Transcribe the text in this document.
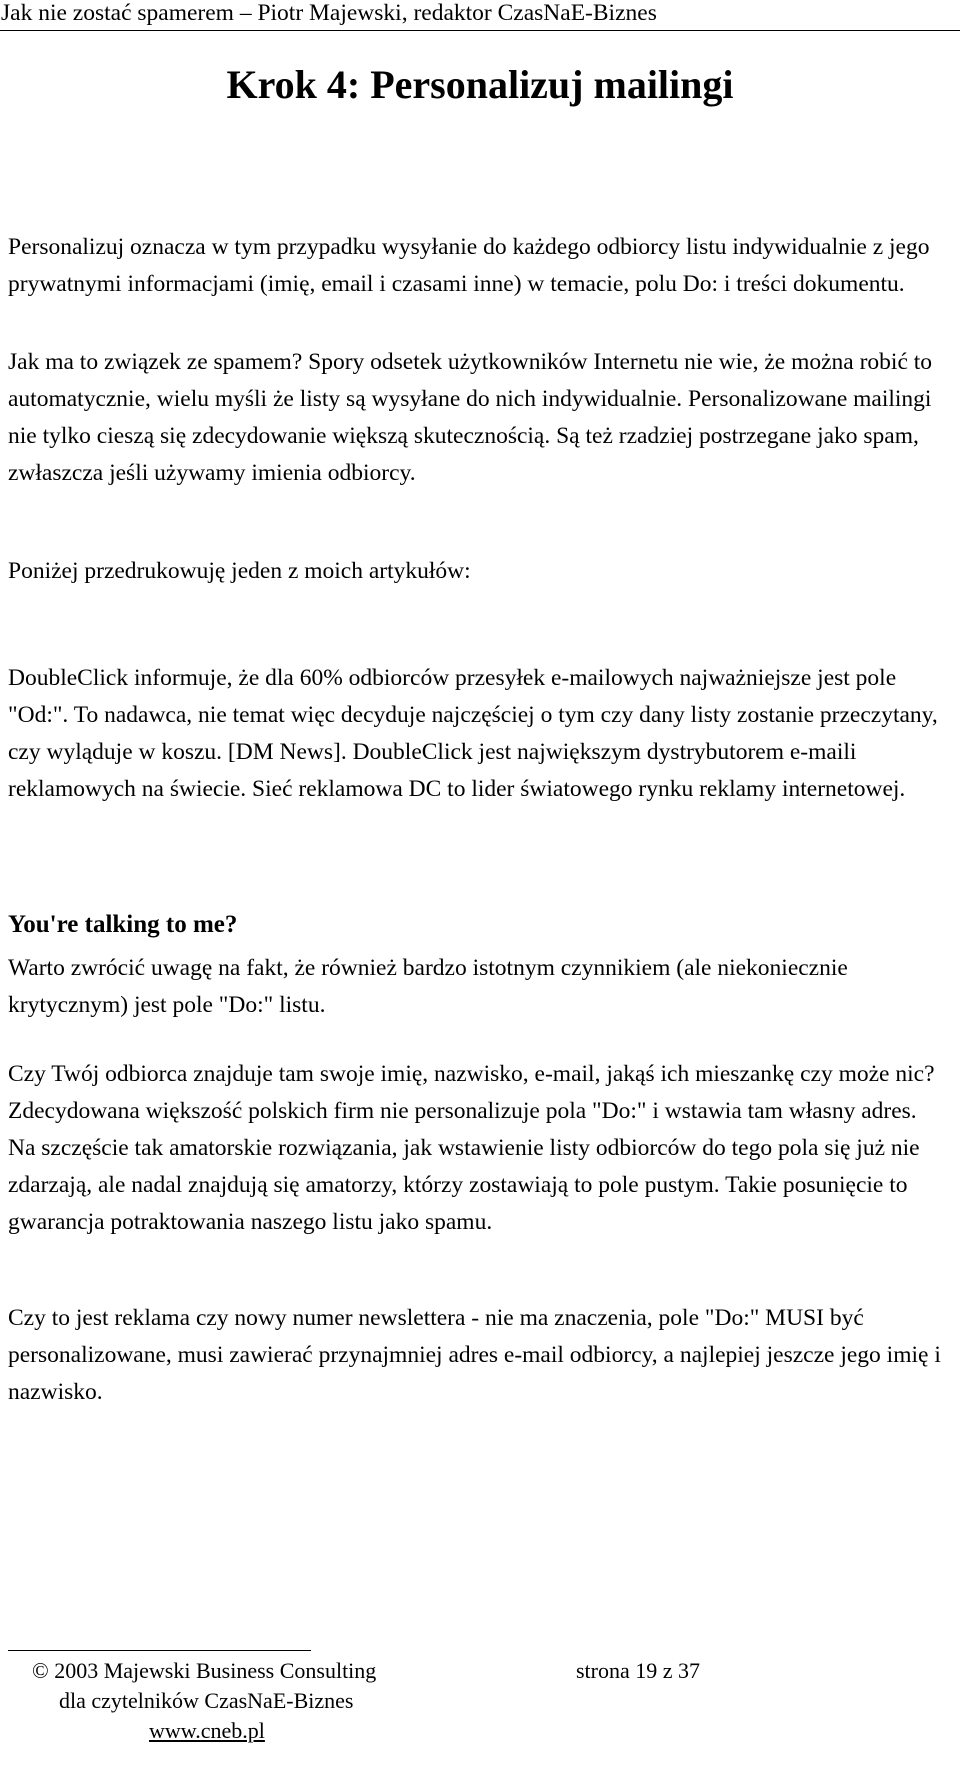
Jak nie zostać spamerem – Piotr Majewski, redaktor CzasNaE-Biznes
Krok 4: Personalizuj mailingi

Personalizuj oznacza w tym przypadku wysyłanie do każdego odbiorcy listu indywidualnie z jego prywatnymi informacjami (imię, email i czasami inne) w temacie, polu Do: i treści dokumentu.

Jak ma to związek ze spamem? Spory odsetek użytkowników Internetu nie wie, że można robić to automatycznie, wielu myśli że listy są wysyłane do nich indywidualnie. Personalizowane mailingi nie tylko cieszą się zdecydowanie większą skutecznością. Są też rzadziej postrzegane jako spam, zwłaszcza jeśli używamy imienia odbiorcy.

Poniżej przedrukowuję jeden z moich artykułów:

DoubleClick informuje, że dla 60% odbiorców przesyłek e-mailowych najważniejsze jest pole "Od:". To nadawca, nie temat więc decyduje najczęściej o tym czy dany listy zostanie przeczytany, czy wyląduje w koszu. [DM News]. DoubleClick jest największym dystrybutorem e-maili reklamowych na świecie. Sieć reklamowa DC to lider światowego rynku reklamy internetowej.

You're talking to me?

Warto zwrócić uwagę na fakt, że również bardzo istotnym czynnikiem (ale niekoniecznie krytycznym) jest pole "Do:" listu.

Czy Twój odbiorca znajduje tam swoje imię, nazwisko, e-mail, jakąś ich mieszankę czy może nic? Zdecydowana większość polskich firm nie personalizuje pola "Do:" i wstawia tam własny adres. Na szczęście tak amatorskie rozwiązania, jak wstawienie listy odbiorców do tego pola się już nie zdarzają, ale nadal znajdują się amatorzy, którzy zostawiają to pole pustym. Takie posunięcie to gwarancja potraktowania naszego listu jako spamu.

Czy to jest reklama czy nowy numer newslettera - nie ma znaczenia, pole "Do:" MUSI być personalizowane, musi zawierać przynajmniej adres e-mail odbiorcy, a najlepiej jeszcze jego imię i nazwisko.

© 2003 Majewski Business Consulting	strona 19 z 37
dla czytelników CzasNaE-Biznes
www.cneb.pl
